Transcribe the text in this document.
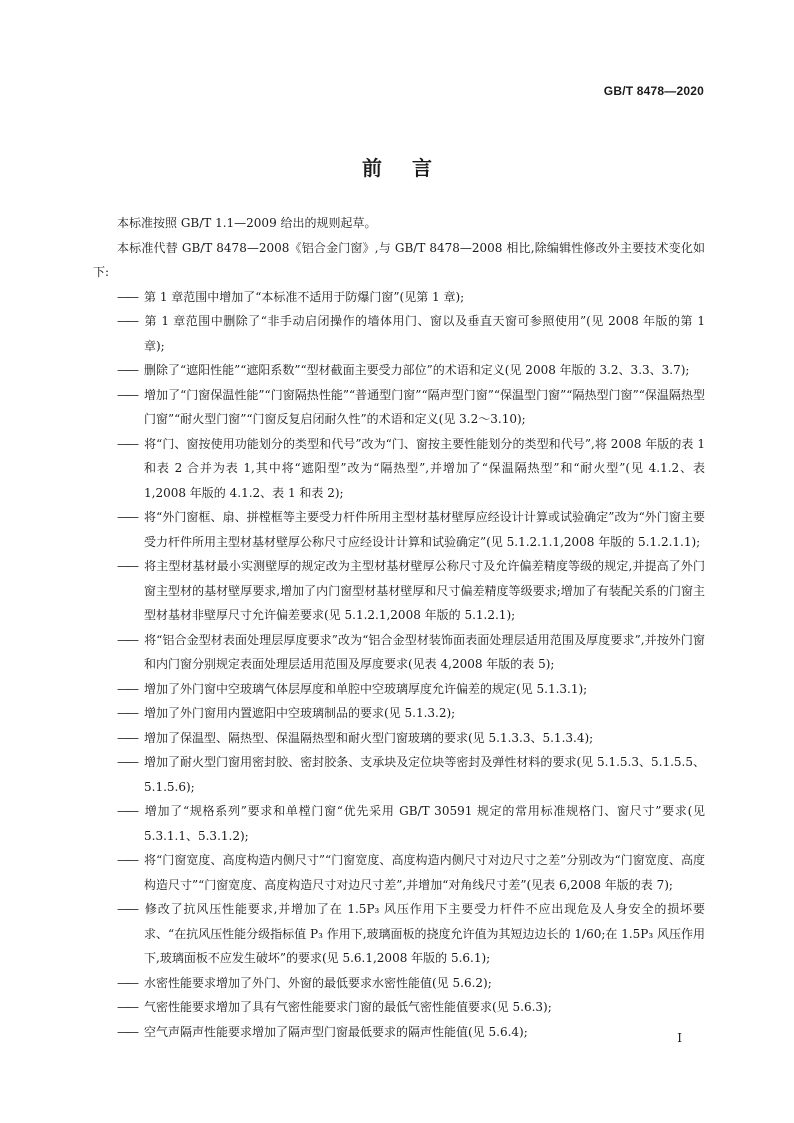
GB/T 8478—2020
前言

本标准按照 GB/T 1.1—2009 给出的规则起草。

本标准代替 GB/T 8478—2008《铝合金门窗》,与 GB/T 8478—2008 相比,除编辑性修改外主要技术变化如下:

—— 第 1 章范围中增加了“本标准不适用于防爆门窗”(见第 1 章);

—— 第 1 章范围中删除了“非手动启闭操作的墙体用门、窗以及垂直天窗可参照使用”(见 2008 年版的第 1 章);

—— 删除了“遮阳性能”“遮阳系数”“型材截面主要受力部位”的术语和定义(见 2008 年版的 3.2、3.3、3.7);

—— 增加了“门窗保温性能”“门窗隔热性能”“普通型门窗”“隔声型门窗”“保温型门窗”“隔热型门窗”“保温隔热型门窗”“耐火型门窗”“门窗反复启闭耐久性”的术语和定义(见 3.2～3.10);

—— 将“门、窗按使用功能划分的类型和代号”改为“门、窗按主要性能划分的类型和代号”,将 2008 年版的表 1 和表 2 合并为表 1,其中将“遮阳型”改为“隔热型”,并增加了“保温隔热型”和“耐火型”(见 4.1.2、表 1,2008 年版的 4.1.2、表 1 和表 2);

—— 将“外门窗框、扇、拼樘框等主要受力杆件所用主型材基材壁厚应经设计计算或试验确定”改为“外门窗主要受力杆件所用主型材基材壁厚公称尺寸应经设计计算和试验确定”(见 5.1.2.1.1,2008 年版的 5.1.2.1.1);

—— 将主型材基材最小实测壁厚的规定改为主型材基材壁厚公称尺寸及允许偏差精度等级的规定,并提高了外门窗主型材的基材壁厚要求,增加了内门窗型材基材壁厚和尺寸偏差精度等级要求;增加了有装配关系的门窗主型材基材非壁厚尺寸允许偏差要求(见 5.1.2.1,2008 年版的 5.1.2.1);

—— 将“铝合金型材表面处理层厚度要求”改为“铝合金型材装饰面表面处理层适用范围及厚度要求”,并按外门窗和内门窗分别规定表面处理层适用范围及厚度要求(见表 4,2008 年版的表 5);

—— 增加了外门窗中空玻璃气体层厚度和单腔中空玻璃厚度允许偏差的规定(见 5.1.3.1);

—— 增加了外门窗用内置遮阳中空玻璃制品的要求(见 5.1.3.2);

—— 增加了保温型、隔热型、保温隔热型和耐火型门窗玻璃的要求(见 5.1.3.3、5.1.3.4);

—— 增加了耐火型门窗用密封胶、密封胶条、支承块及定位块等密封及弹性材料的要求(见 5.1.5.3、5.1.5.5、5.1.5.6);

—— 增加了“规格系列”要求和单樘门窗“优先采用 GB/T 30591 规定的常用标准规格门、窗尺寸”要求(见 5.3.1.1、5.3.1.2);

—— 将“门窗宽度、高度构造内侧尺寸”“门窗宽度、高度构造内侧尺寸对边尺寸之差”分别改为“门窗宽度、高度构造尺寸”“门窗宽度、高度构造尺寸对边尺寸差”,并增加“对角线尺寸差”(见表 6,2008 年版的表 7);

—— 修改了抗风压性能要求,并增加了在 1.5P₃ 风压作用下主要受力杆件不应出现危及人身安全的损坏要求、“在抗风压性能分级指标值 P₃ 作用下,玻璃面板的挠度允许值为其短边边长的 1/60;在 1.5P₃ 风压作用下,玻璃面板不应发生破坏”的要求(见 5.6.1,2008 年版的 5.6.1);

—— 水密性能要求增加了外门、外窗的最低要求水密性能值(见 5.6.2);

—— 气密性能要求增加了具有气密性能要求门窗的最低气密性能值要求(见 5.6.3);

—— 空气声隔声性能要求增加了隔声型门窗最低要求的隔声性能值(见 5.6.4);	I
